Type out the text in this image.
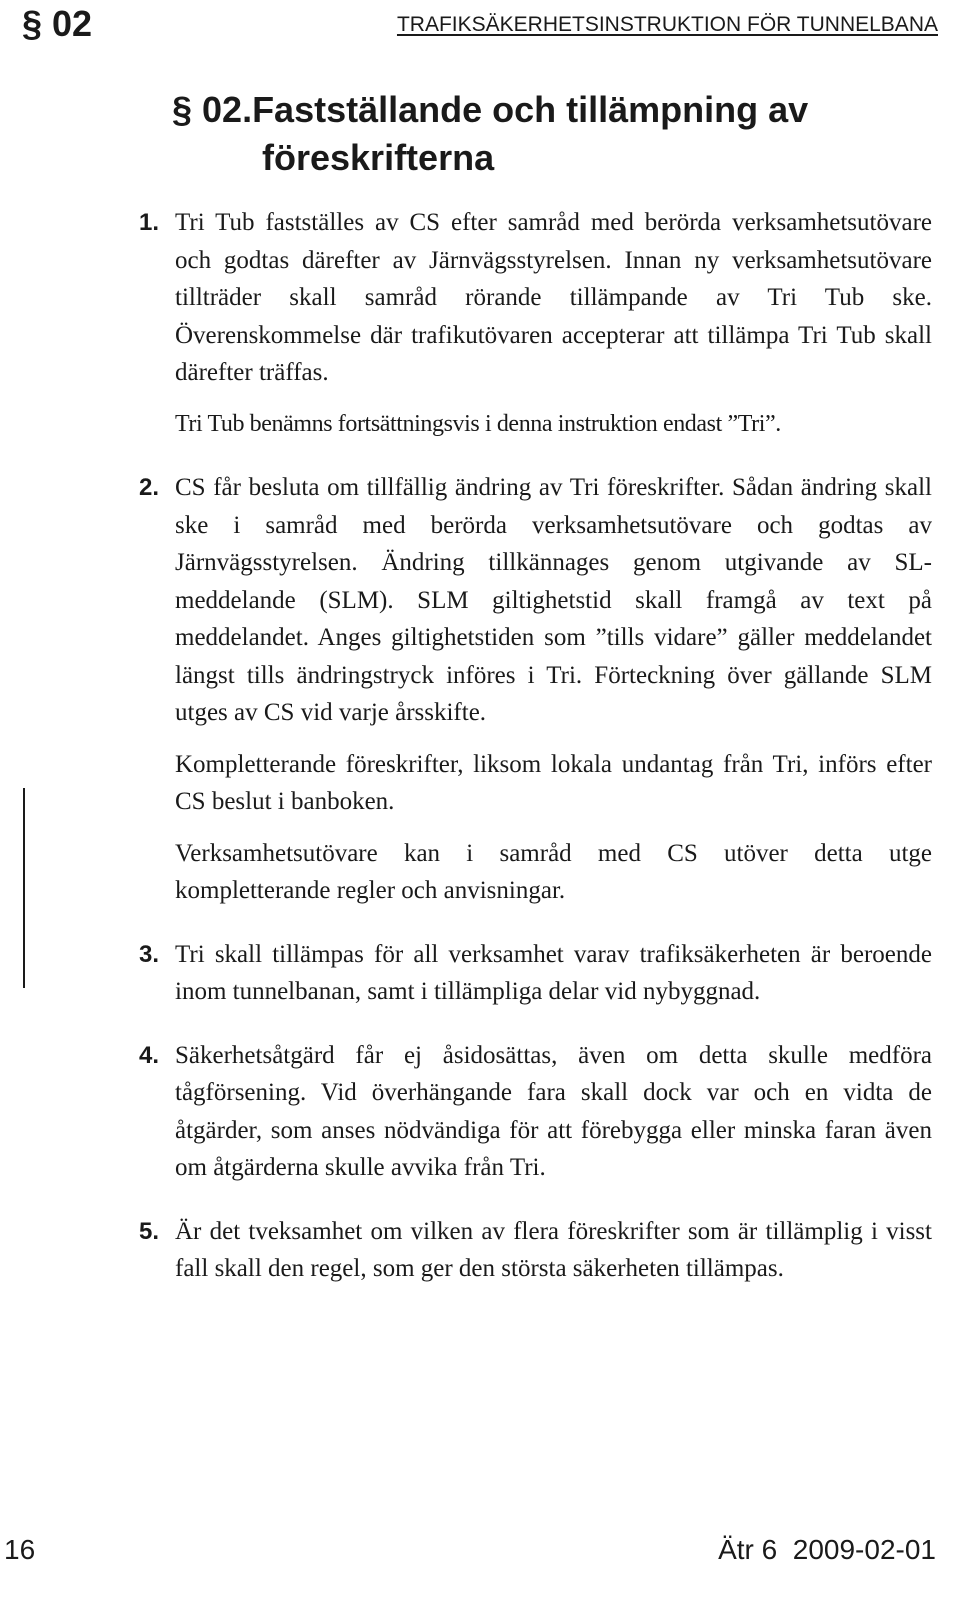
§ 02	TRAFIKSÄKERHETSINSTRUKTION FÖR TUNNELBANA
§ 02.Fastställande och tillämpning av
föreskrifterna
1. Tri Tub fastställes av CS efter samråd med berörda verksamhetsutövare och godtas därefter av Järnvägsstyrelsen. Innan ny verksamhetsutövare tillträder skall samråd rörande tillämpande av Tri Tub ske. Överenskommelse där trafikutövaren accepterar att tillämpa Tri Tub skall därefter träffas.

Tri Tub benämns fortsättningsvis i denna instruktion endast ”Tri”.

2. CS får besluta om tillfällig ändring av Tri föreskrifter. Sådan ändring skall ske i samråd med berörda verksamhetsutövare och godtas av Järnvägsstyrelsen. Ändring tillkännages genom utgivande av SL-meddelande (SLM). SLM giltighetstid skall framgå av text på meddelandet. Anges giltighetstiden som ”tills vidare” gäller meddelandet längst tills ändringstryck införes i Tri. Förteckning över gällande SLM utges av CS vid varje årsskifte.

Kompletterande föreskrifter, liksom lokala undantag från Tri, införs efter CS beslut i banboken.

Verksamhetsutövare kan i samråd med CS utöver detta utge kompletterande regler och anvisningar.

3. Tri skall tillämpas för all verksamhet varav trafiksäkerheten är beroende inom tunnelbanan, samt i tillämpliga delar vid nybyggnad.

4. Säkerhetsåtgärd får ej åsidosättas, även om detta skulle medföra tågförsening. Vid överhängande fara skall dock var och en vidta de åtgärder, som anses nödvändiga för att förebygga eller minska faran även om åtgärderna skulle avvika från Tri.

5. Är det tveksamhet om vilken av flera föreskrifter som är tillämplig i visst fall skall den regel, som ger den största säkerheten tillämpas.

16	Ätr 6  2009-02-01
